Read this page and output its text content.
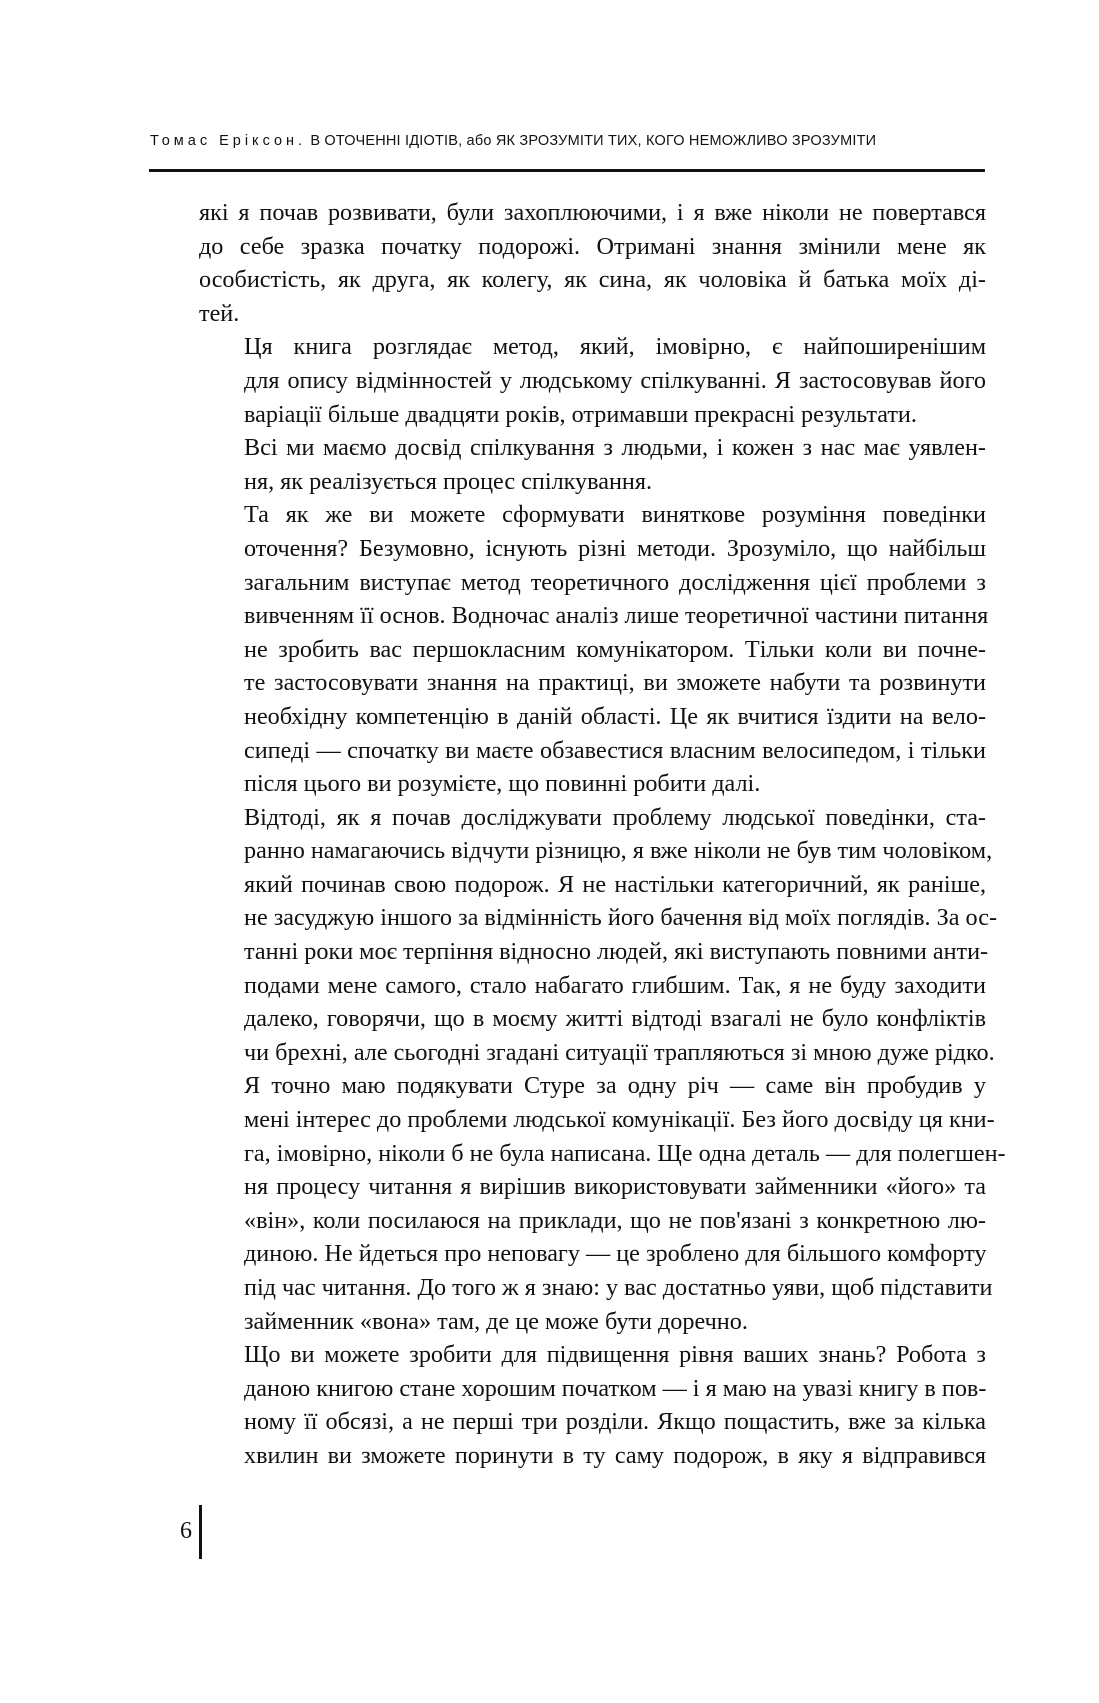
Томас Ерiксон. В ОТОЧЕННІ ІДІОТІВ, або ЯК ЗРОЗУМІТИ ТИХ, КОГО НЕМОЖЛИВО ЗРОЗУМІТИ

які я почав розвивати, були захоплюючими, і я вже ніколи не повертався
до себе зразка початку подорожі. Отримані знання змінили мене як
особистість, як друга, як колегу, як сина, як чоловіка й батька моїх ді-
тей.

Ця книга розглядає метод, який, імовірно, є найпоширенішим
для опису відмінностей у людському спілкуванні. Я застосовував його
варіації більше двадцяти років, отримавши прекрасні результати.

Всі ми маємо досвід спілкування з людьми, і кожен з нас має уявлен-
ня, як реалізується процес спілкування.

Та як же ви можете сформувати виняткове розуміння поведінки
оточення? Безумовно, існують різні методи. Зрозуміло, що найбільш
загальним виступає метод теоретичного дослідження цієї проблеми з
вивченням її основ. Водночас аналіз лише теоретичної частини питання
не зробить вас першокласним комунікатором. Тільки коли ви почне-
те застосовувати знання на практиці, ви зможете набути та розвинути
необхідну компетенцію в даній області. Це як вчитися їздити на вело-
сипеді — спочатку ви маєте обзавестися власним велосипедом, і тільки
після цього ви розумієте, що повинні робити далі.

Відтоді, як я почав досліджувати проблему людської поведінки, ста-
ранно намагаючись відчути різницю, я вже ніколи не був тим чоловіком,
який починав свою подорож. Я не настільки категоричний, як раніше,
не засуджую іншого за відмінність його бачення від моїх поглядів. За ос-
танні роки моє терпіння відносно людей, які виступають повними анти-
подами мене самого, стало набагато глибшим. Так, я не буду заходити
далеко, говорячи, що в моєму житті відтоді взагалі не було конфліктів
чи брехні, але сьогодні згадані ситуації трапляються зі мною дуже рідко.

Я точно маю подякувати Стуре за одну річ — саме він пробудив у
мені інтерес до проблеми людської комунікації. Без його досвіду ця кни-
га, імовірно, ніколи б не була написана. Ще одна деталь — для полегшен-
ня процесу читання я вирішив використовувати займенники «його» та
«він», коли посилаюся на приклади, що не пов'язані з конкретною лю-
диною. Не йдеться про неповагу — це зроблено для більшого комфорту
під час читання. До того ж я знаю: у вас достатньо уяви, щоб підставити
займенник «вона» там, де це може бути доречно.

Що ви можете зробити для підвищення рівня ваших знань? Робота з
даною книгою стане хорошим початком — і я маю на увазі книгу в пов-
ному її обсязі, а не перші три розділи. Якщо пощастить, вже за кілька
хвилин ви зможете поринути в ту саму подорож, в яку я відправився

6
